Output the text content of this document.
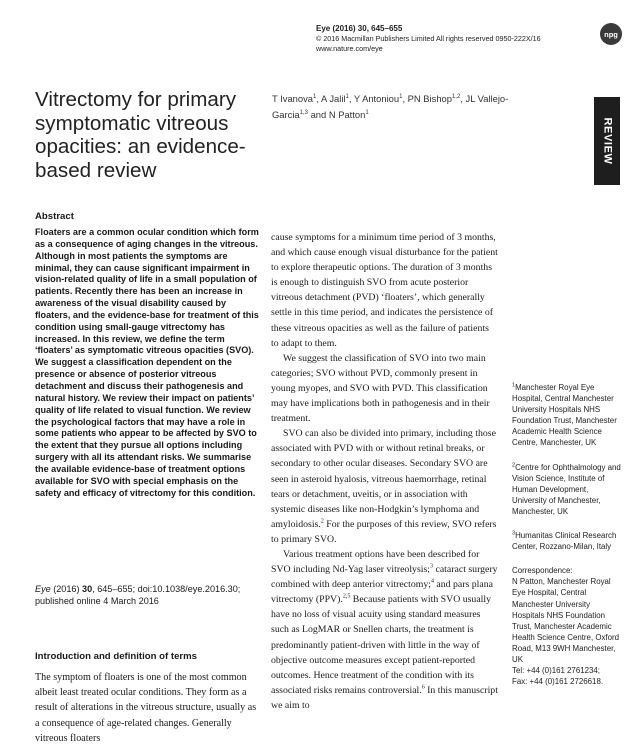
Eye (2016) 30, 645–655
© 2016 Macmillan Publishers Limited All rights reserved 0950-222X/16
www.nature.com/eye
npg
Vitrectomy for primary symptomatic vitreous opacities: an evidence-based review
T Ivanova$^1$, A Jalil$^1$, Y Antoniou$^1$, PN Bishop$^{1,2}$, JL Vallejo-Garcia$^{1,3}$ and N Patton$^1$
REVIEW
Abstract
Floaters are a common ocular condition which form as a consequence of aging changes in the vitreous. Although in most patients the symptoms are minimal, they can cause significant impairment in vision-related quality of life in a small population of patients. Recently there has been an increase in awareness of the visual disability caused by floaters, and the evidence-base for treatment of this condition using small-gauge vitrectomy has increased. In this review, we define the term ‘floaters’ as symptomatic vitreous opacities (SVO). We suggest a classification dependent on the presence or absence of posterior vitreous detachment and discuss their pathogenesis and natural history. We review their impact on patients’ quality of life related to visual function. We review the psychological factors that may have a role in some patients who appear to be affected by SVO to the extent that they pursue all options including surgery with all its attendant risks. We summarise the available evidence-base of treatment options available for SVO with special emphasis on the safety and efficacy of vitrectomy for this condition.
Eye (2016) 30, 645–655; doi:10.1038/eye.2016.30; published online 4 March 2016
Introduction and definition of terms
The symptom of floaters is one of the most common albeit least treated ocular conditions. They form as a result of alterations in the vitreous structure, usually as a consequence of age-related changes. Generally vitreous floaters

cause symptoms for a minimum time period of 3 months, and which cause enough visual disturbance for the patient to explore therapeutic options. The duration of 3 months is enough to distinguish SVO from acute posterior vitreous detachment (PVD) ‘floaters’, which generally settle in this time period, and indicates the persistence of these vitreous opacities as well as the failure of patients to adapt to them.

We suggest the classification of SVO into two main categories; SVO without PVD, commonly present in young myopes, and SVO with PVD. This classification may have implications both in pathogenesis and in their treatment.

SVO can also be divided into primary, including those associated with PVD with or without retinal breaks, or secondary to other ocular diseases. Secondary SVO are seen in asteroid hyalosis, vitreous haemorrhage, retinal tears or detachment, uveitis, or in association with systemic diseases like non-Hodgkin’s lymphoma and amyloidosis.$^2$ For the purposes of this review, SVO refers to primary SVO.

Various treatment options have been described for SVO including Nd-Yag laser vitreolysis;$^3$ cataract surgery combined with deep anterior vitrectomy;$^4$ and pars plana vitrectomy (PPV).$^{2,5}$ Because patients with SVO usually have no loss of visual acuity using standard measures such as LogMAR or Snellen charts, the treatment is predominantly patient-driven with little in the way of objective outcome measures except patient-reported outcomes. Hence treatment of the condition with its associated risks remains controversial.$^6$ In this manuscript we aim to

$^1$Manchester Royal Eye Hospital, Central Manchester University Hospitals NHS Foundation Trust, Manchester Academic Health Science Centre, Manchester, UK

$^2$Centre for Ophthalmology and Vision Science, Institute of Human Development, University of Manchester, Manchester, UK

$^3$Humanitas Clinical Research Center, Rozzano-Milan, Italy

Correspondence:

N Patton, Manchester Royal Eye Hospital, Central Manchester University Hospitals NHS Foundation Trust, Manchester Academic Health Science Centre, Oxford Road, M13 9WH Manchester, UK
Tel: +44 (0)161 2761234;
Fax: +44 (0)161 2726618.
